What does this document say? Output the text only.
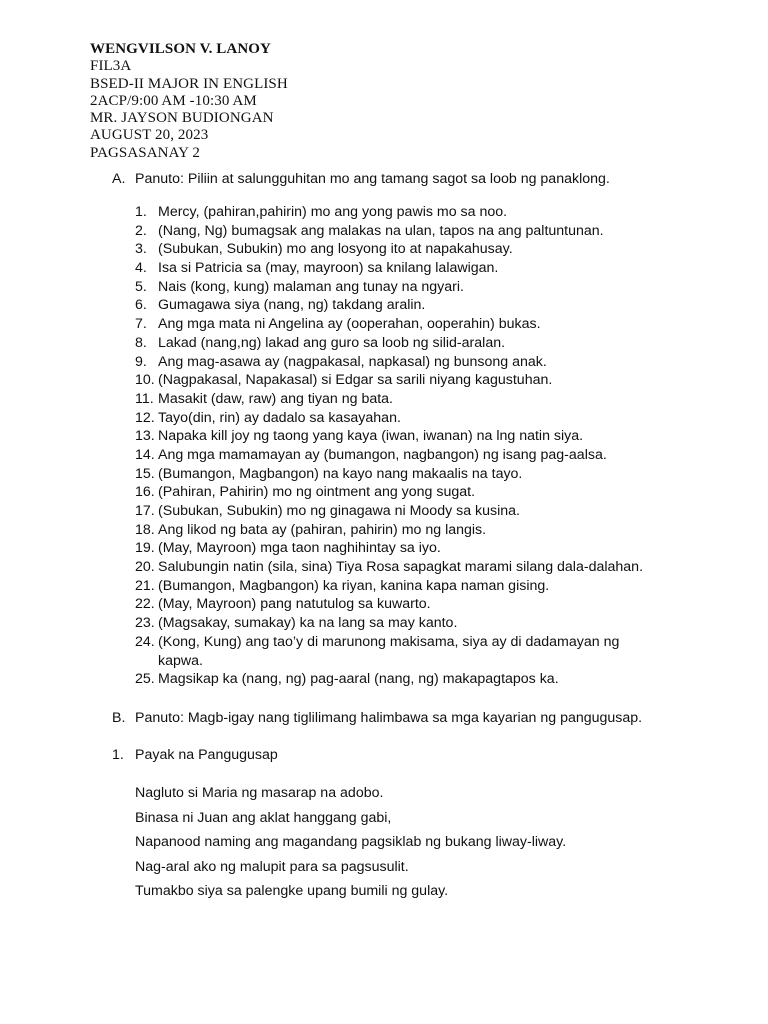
WENGVILSON V. LANOY
FIL3A
BSED-II MAJOR IN ENGLISH
2ACP/9:00 AM -10:30 AM
MR. JAYSON BUDIONGAN
AUGUST 20, 2023
PAGSASANAY 2
A. Panuto: Piliin at salungguhitan mo ang tamang sagot sa loob ng panaklong.
1. Mercy, (pahiran,pahirin) mo ang yong pawis mo sa noo.
2. (Nang, Ng) bumagsak ang malakas na ulan, tapos na ang paltuntunan.
3. (Subukan, Subukin) mo ang losyong ito at napakahusay.
4. Isa si Patricia sa (may, mayroon) sa knilang lalawigan.
5. Nais (kong, kung) malaman ang tunay na ngyari.
6. Gumagawa siya (nang, ng) takdang aralin.
7. Ang mga mata ni Angelina ay (ooperahan, ooperahin) bukas.
8. Lakad (nang,ng) lakad ang guro sa loob ng silid-aralan.
9. Ang mag-asawa ay (nagpakasal, napkasal) ng bunsong anak.
10. (Nagpakasal, Napakasal) si Edgar sa sarili niyang kagustuhan.
11. Masakit (daw, raw) ang tiyan ng bata.
12. Tayo(din, rin) ay dadalo sa kasayahan.
13. Napaka kill joy ng taong yang kaya (iwan, iwanan) na lng natin siya.
14. Ang mga mamamayan ay (bumangon, nagbangon) ng isang pag-aalsa.
15. (Bumangon, Magbangon) na kayo nang makaalis na tayo.
16. (Pahiran, Pahirin) mo ng ointment ang yong sugat.
17. (Subukan, Subukin) mo ng ginagawa ni Moody sa kusina.
18. Ang likod ng bata ay (pahiran, pahirin) mo ng langis.
19. (May, Mayroon) mga taon naghihintay sa iyo.
20. Salubungin natin (sila, sina) Tiya Rosa sapagkat marami silang dala-dalahan.
21. (Bumangon, Magbangon) ka riyan, kanina kapa naman gising.
22. (May, Mayroon) pang natutulog sa kuwarto.
23. (Magsakay, sumakay) ka na lang sa may kanto.
24. (Kong, Kung) ang tao’y di marunong makisama, siya ay di dadamayan ng kapwa.
25. Magsikap ka (nang, ng) pag-aaral (nang, ng) makapagtapos ka.
B. Panuto: Magb-igay nang tiglilimang halimbawa sa mga kayarian ng pangugusap.
1. Payak na Pangugusap
Nagluto si Maria ng masarap na adobo.
Binasa ni Juan ang aklat hanggang gabi,
Napanood naming ang magandang pagsiklab ng bukang liway-liway.
Nag-aral ako ng malupit para sa pagsusulit.
Tumakbo siya sa palengke upang bumili ng gulay.
